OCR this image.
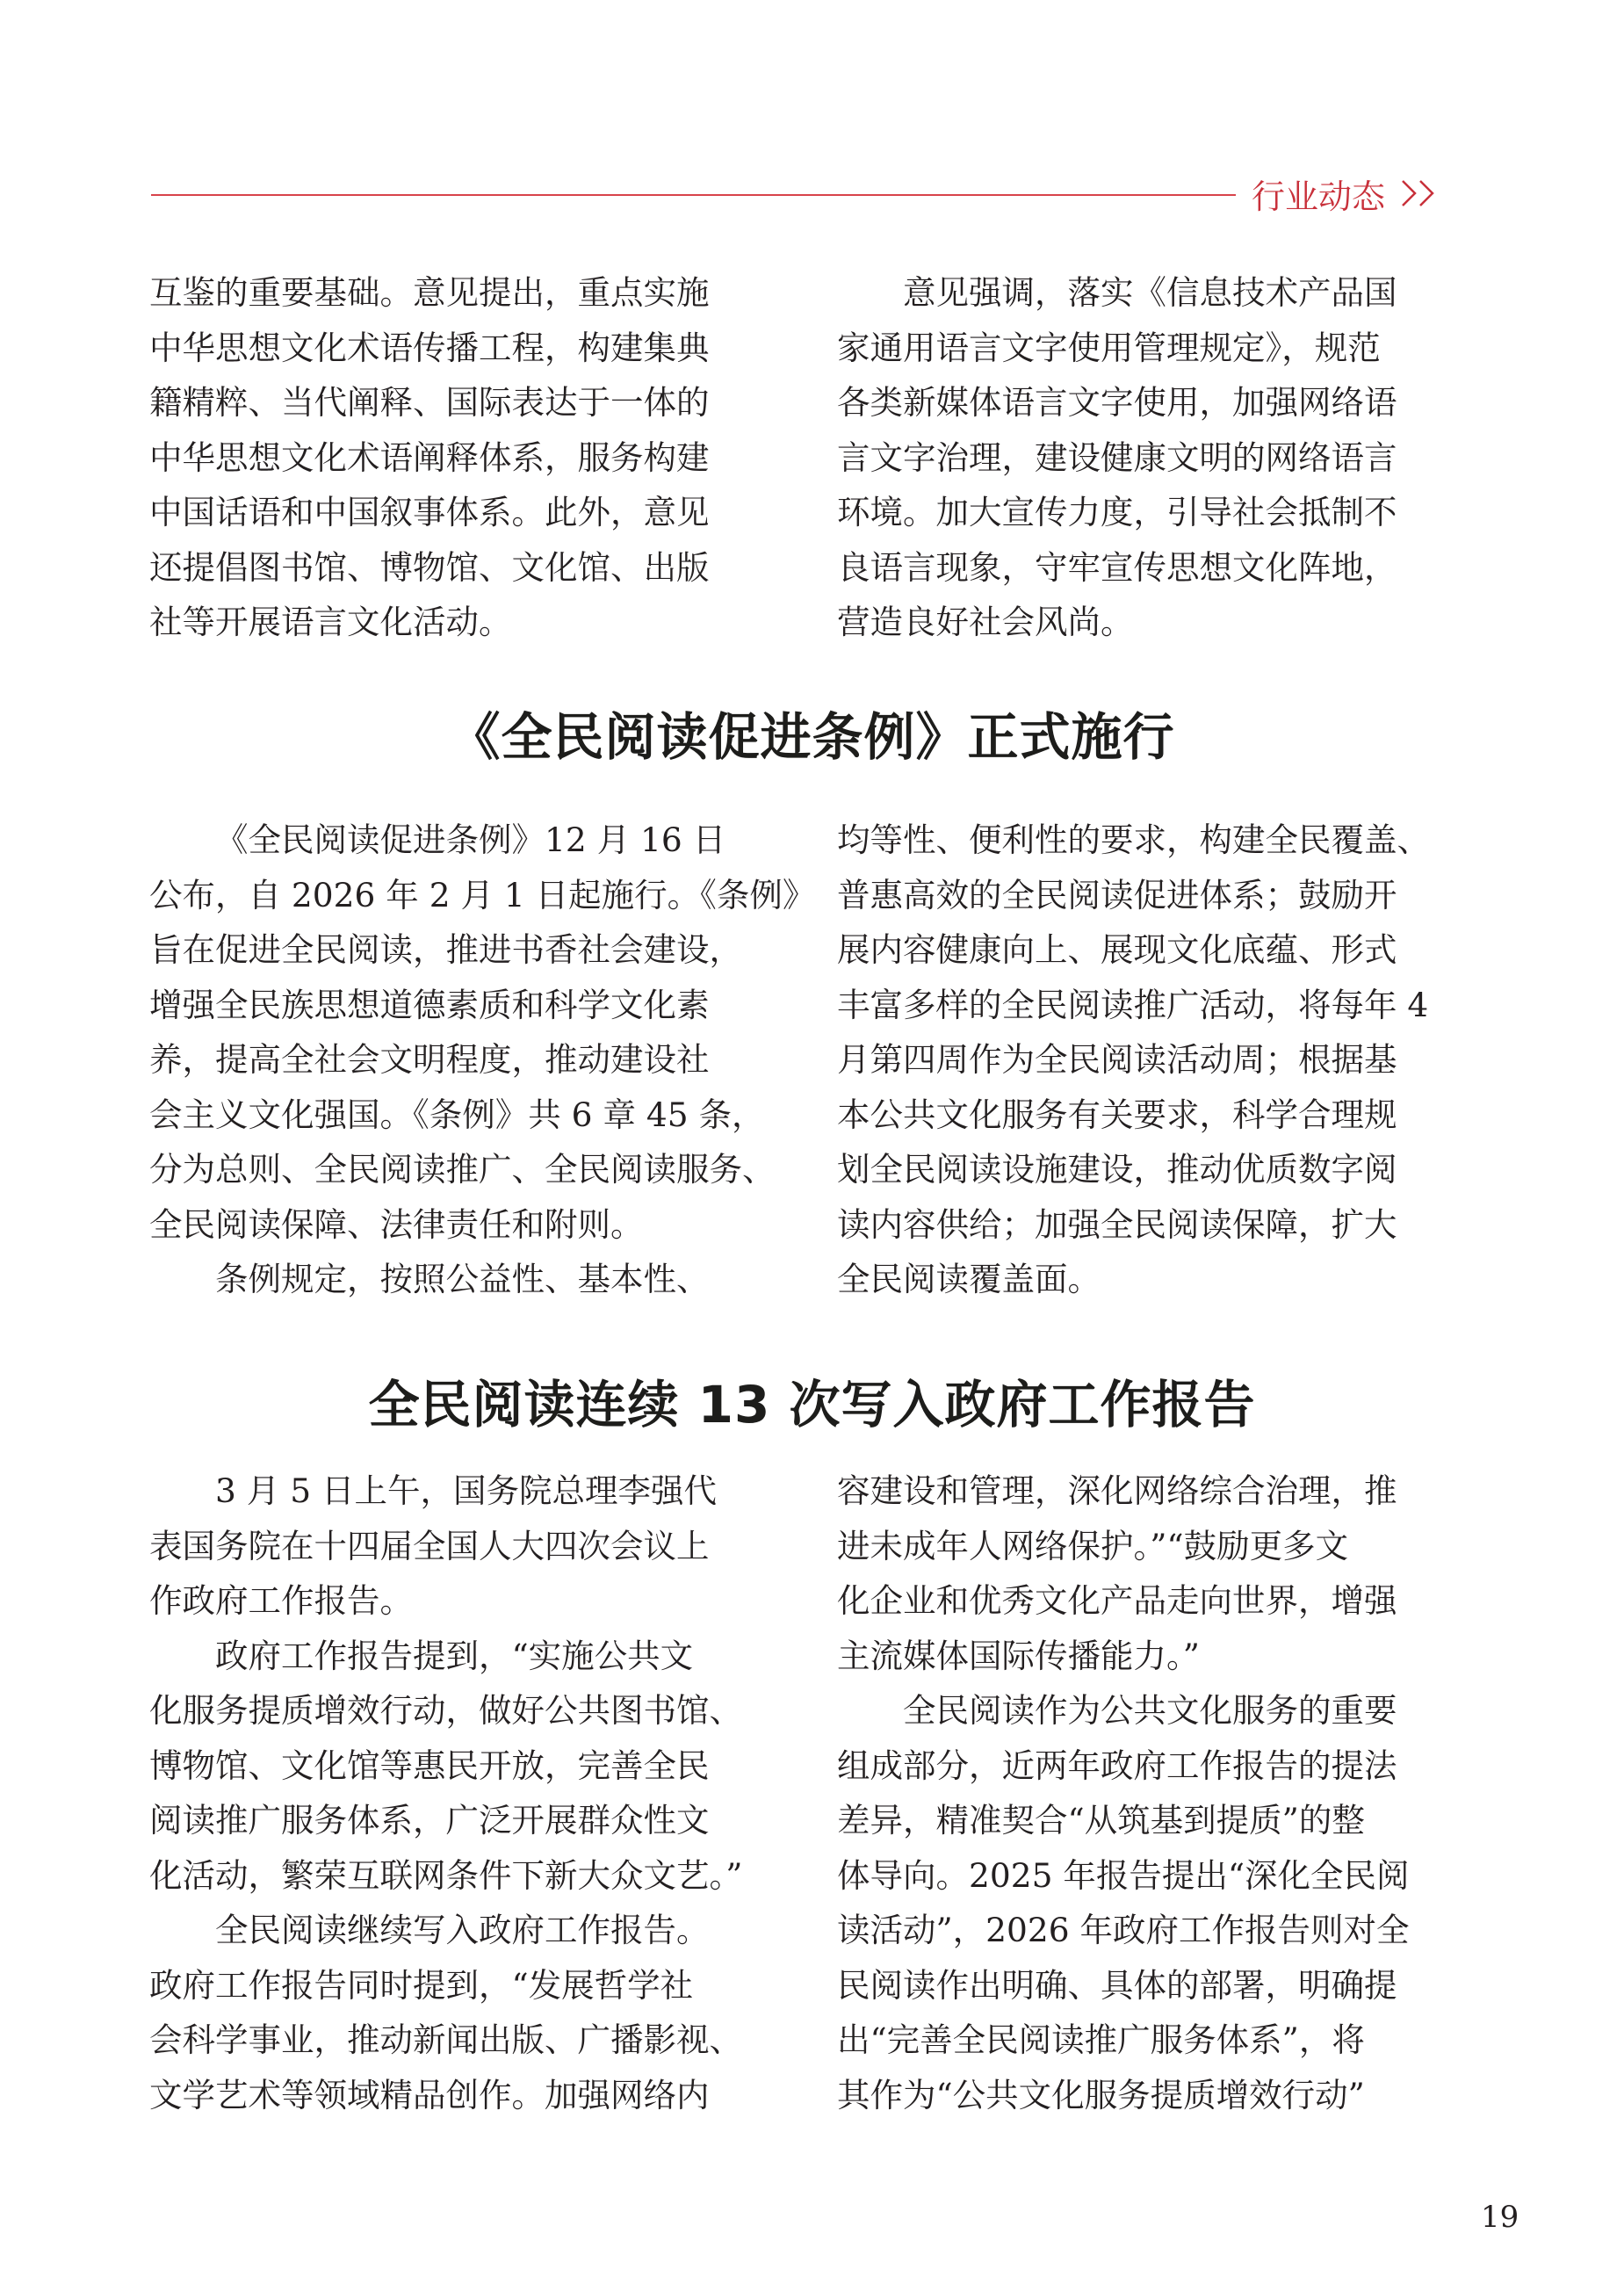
行业动态

互鉴的重要基础。意见提出，重点实施

中华思想文化术语传播工程，构建集典

籍精粹、当代阐释、国际表达于一体的

中华思想文化术语阐释体系，服务构建

中国话语和中国叙事体系。此外，意见

还提倡图书馆、博物馆、文化馆、出版

社等开展语言文化活动。

意见强调，落实《信息技术产品国

家通用语言文字使用管理规定》，规范

各类新媒体语言文字使用，加强网络语

言文字治理，建设健康文明的网络语言

环境。加大宣传力度，引导社会抵制不

良语言现象，守牢宣传思想文化阵地，

营造良好社会风尚。

《全民阅读促进条例》正式施行

《全民阅读促进条例》12 月 16 日

公布，自 2026 年 2 月 1 日起施行。《条例》

旨在促进全民阅读，推进书香社会建设，

增强全民族思想道德素质和科学文化素

养，提高全社会文明程度，推动建设社

会主义文化强国。《条例》共 6 章 45 条，

分为总则、全民阅读推广、全民阅读服务、

全民阅读保障、法律责任和附则。

条例规定，按照公益性、基本性、

均等性、便利性的要求，构建全民覆盖、

普惠高效的全民阅读促进体系；鼓励开

展内容健康向上、展现文化底蕴、形式

丰富多样的全民阅读推广活动，将每年 4

月第四周作为全民阅读活动周；根据基

本公共文化服务有关要求，科学合理规

划全民阅读设施建设，推动优质数字阅

读内容供给；加强全民阅读保障，扩大

全民阅读覆盖面。

全民阅读连续 13 次写入政府工作报告

3 月 5 日上午，国务院总理李强代

表国务院在十四届全国人大四次会议上

作政府工作报告。

政府工作报告提到，“实施公共文

化服务提质增效行动，做好公共图书馆、

博物馆、文化馆等惠民开放，完善全民

阅读推广服务体系，广泛开展群众性文

化活动，繁荣互联网条件下新大众文艺。”

全民阅读继续写入政府工作报告。

政府工作报告同时提到，“发展哲学社

会科学事业，推动新闻出版、广播影视、

文学艺术等领域精品创作。加强网络内

容建设和管理，深化网络综合治理，推

进未成年人网络保护。”“鼓励更多文

化企业和优秀文化产品走向世界，增强

主流媒体国际传播能力。”

全民阅读作为公共文化服务的重要

组成部分，近两年政府工作报告的提法

差异，精准契合“从筑基到提质”的整

体导向。2025 年报告提出“深化全民阅

读活动”，2026 年政府工作报告则对全

民阅读作出明确、具体的部署，明确提

出“完善全民阅读推广服务体系”，将

其作为“公共文化服务提质增效行动”

19
